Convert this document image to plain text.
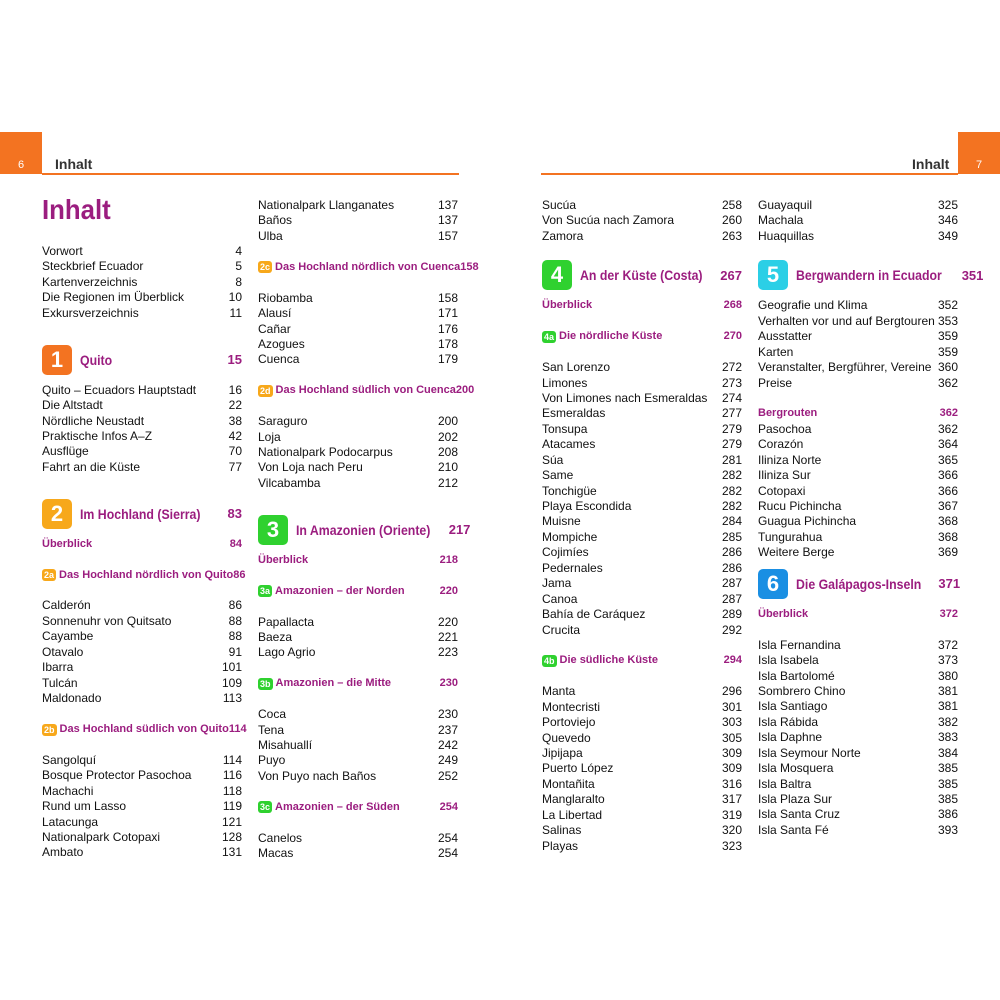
6	7
Inhalt	Inhalt
Inhalt
Vorwort	4
Steckbrief Ecuador	5
Kartenverzeichnis	8
Die Regionen im Überblick	10
Exkursverzeichnis	11
1	Quito	15
Quito – Ecuadors Hauptstadt	16
Die Altstadt	22
Nördliche Neustadt	38
Praktische Infos A–Z	42
Ausflüge	70
Fahrt an die Küste	77
2	Im Hochland (Sierra) 83
Überblick	84
2a Das Hochland nördlich von Quito 86
Calderón	86
Sonnenuhr von Quitsato	88
Cayambe	88
Otavalo	91
Ibarra	101
Tulcán	109
Maldonado	113
2b Das Hochland südlich von Quito 114
Sangolquí	114
Bosque Protector Pasochoa	116
Machachi	118
Rund um Lasso	119
Latacunga	121
Nationalpark Cotopaxi	128
Ambato	131
Nationalpark Llanganates	137
Baños	137
Ulba	157
2c Das Hochland nördlich von Cuenca 158
Riobamba	158
Alausí	171
Cañar	176
Azogues	178
Cuenca	179
2d Das Hochland südlich von Cuenca 200
Saraguro	200
Loja	202
Nationalpark Podocarpus	208
Von Loja nach Peru	210
Vilcabamba	212
3	In Amazonien (Oriente) 217
Überblick	218
3a Amazonien – der Norden	220
Papallacta	220
Baeza	221
Lago Agrio	223
3b Amazonien – die Mitte	230
Coca	230
Tena	237
Misahuallí	242
Puyo	249
Von Puyo nach Baños	252
3c Amazonien – der Süden	254
Canelos	254
Macas	254
Sucúa	258
Von Sucúa nach Zamora	260
Zamora	263
4	An der Küste (Costa) 267
Überblick	268
4a Die nördliche Küste	270
San Lorenzo	272
Limones	273
Von Limones nach Esmeraldas 274
Esmeraldas	277
Tonsupa	279
Atacames	279
Súa	281
Same	282
Tonchigüe	282
Playa Escondida	282
Muisne	284
Mompiche	285
Cojimíes	286
Pedernales	286
Jama	287
Canoa	287
Bahía de Caráquez	289
Crucita	292
4b Die südliche Küste	294
Manta	296
Montecristi	301
Portoviejo	303
Quevedo	305
Jipijapa	309
Puerto López	309
Montañita	316
Manglaralto	317
La Libertad	319
Salinas	320
Playas	323
Guayaquil	325
Machala	346
Huaquillas	349
5	Bergwandern in Ecuador 351
Geografie und Klima	352
Verhalten vor und auf Bergtouren 353
Ausstatter	359
Karten	359
Veranstalter, Bergführer, Vereine 360
Preise	362
Bergrouten	362
Pasochoa	362
Corazón	364
Iliniza Norte	365
Iliniza Sur	366
Cotopaxi	366
Rucu Pichincha	367
Guagua Pichincha	368
Tungurahua	368
Weitere Berge	369
6	Die Galápagos-Inseln 371
Überblick	372
Isla Fernandina	372
Isla Isabela	373
Isla Bartolomé	380
Sombrero Chino	381
Isla Santiago	381
Isla Rábida	382
Isla Daphne	383
Isla Seymour Norte	384
Isla Mosquera	385
Isla Baltra	385
Isla Plaza Sur	385
Isla Santa Cruz	386
Isla Santa Fé	393
